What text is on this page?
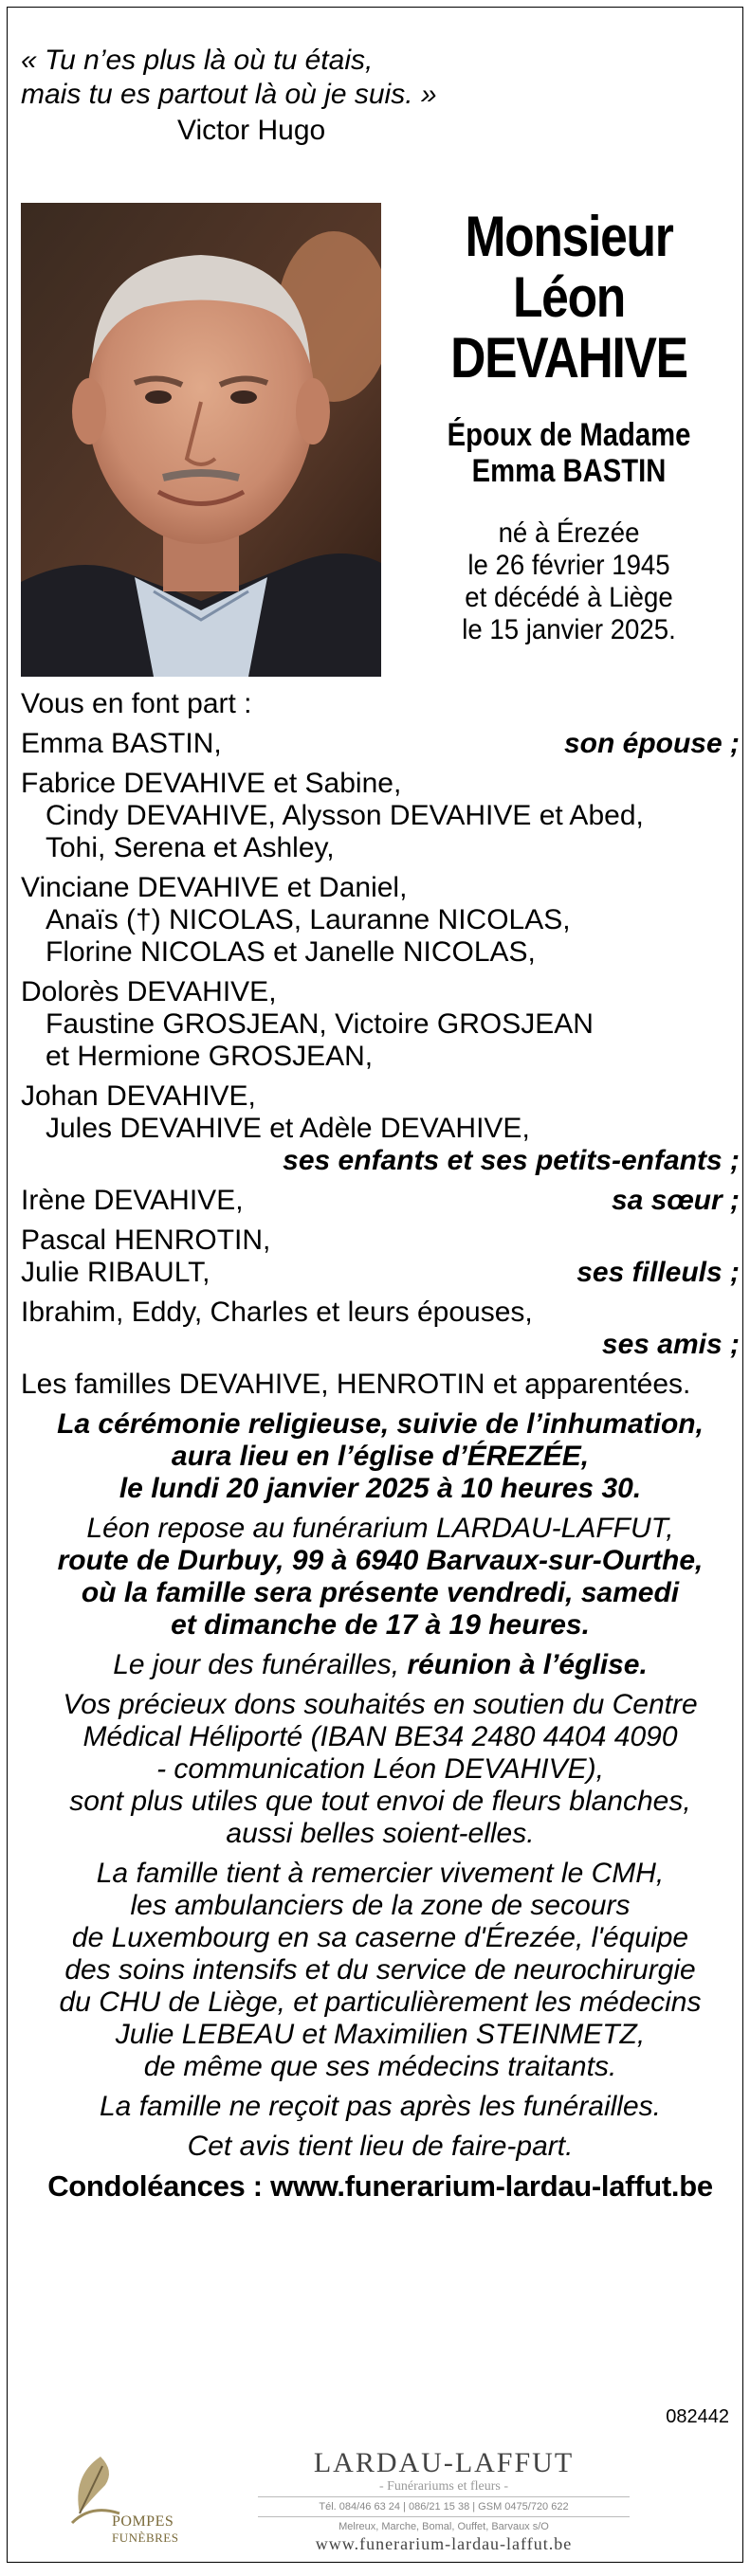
« Tu n’es plus là où tu étais,
mais tu es partout là où je suis. »
Victor Hugo
Monsieur
Léon
DEVAHIVE
Époux de Madame
Emma BASTIN
né à Érezée
le 26 février 1945
et décédé à Liège
le 15 janvier 2025.
Vous en font part :
Emma BASTIN,	son épouse ;
Fabrice DEVAHIVE et Sabine,
Cindy DEVAHIVE, Alysson DEVAHIVE et Abed,
Tohi, Serena et Ashley,
Vinciane DEVAHIVE et Daniel,
Anaïs (†) NICOLAS, Lauranne NICOLAS,
Florine NICOLAS et Janelle NICOLAS,
Dolorès DEVAHIVE,
Faustine GROSJEAN, Victoire GROSJEAN
et Hermione GROSJEAN,
Johan DEVAHIVE,
Jules DEVAHIVE et Adèle DEVAHIVE,
ses enfants et ses petits-enfants ;
Irène DEVAHIVE,	sa sœur ;
Pascal HENROTIN,
Julie RIBAULT,	ses filleuls ;
Ibrahim, Eddy, Charles et leurs épouses,
ses amis ;
Les familles DEVAHIVE, HENROTIN et apparentées.
La cérémonie religieuse, suivie de l’inhumation,
aura lieu en l’église d’ÉREZÉE,
le lundi 20 janvier 2025 à 10 heures 30.
Léon repose au funérarium LARDAU-LAFFUT,
route de Durbuy, 99 à 6940 Barvaux-sur-Ourthe,
où la famille sera présente vendredi, samedi
et dimanche de 17 à 19 heures.
Le jour des funérailles, réunion à l’église.
Vos précieux dons souhaités en soutien du Centre
Médical Héliporté (IBAN BE34 2480 4404 4090
- communication Léon DEVAHIVE),
sont plus utiles que tout envoi de fleurs blanches,
aussi belles soient-elles.
La famille tient à remercier vivement le CMH,
les ambulanciers de la zone de secours
de Luxembourg en sa caserne d'Érezée, l'équipe
des soins intensifs et du service de neurochirurgie
du CHU de Liège, et particulièrement les médecins
Julie LEBEAU et Maximilien STEINMETZ,
de même que ses médecins traitants.
La famille ne reçoit pas après les funérailles.
Cet avis tient lieu de faire-part.
Condoléances : www.funerarium-lardau-laffut.be
082442
POMPES
FUNÈBRES
LARDAU-LAFFUT
- Funérariums et fleurs -
Tél. 084/46 63 24 | 086/21 15 38 | GSM 0475/720 622
Melreux, Marche, Bomal, Ouffet, Barvaux s/O
www.funerarium-lardau-laffut.be
